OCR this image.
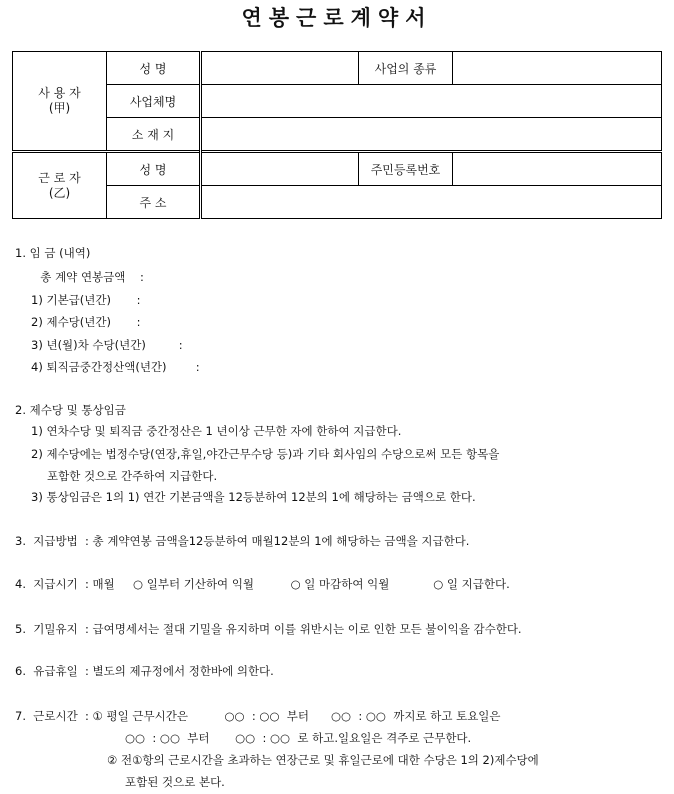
연봉근로계약서
사 용 자
(甲)	성 명		사업의 종류	
	사업체명			
	소 재 지			

근 로 자
(乙)	성 명		주민등록번호	
	주 소			
1. 임 금 (내역)
총 계약 연봉금액    :
1) 기본급(년간)       :
2) 제수당(년간)       :
3) 년(월)차 수당(년간)         :
4) 퇴직금중간정산액(년간)        :
2. 제수당 및 통상임금
1) 연차수당 및 퇴직금 중간정산은 1 년이상 근무한 자에 한하여 지급한다.
2) 제수당에는 법정수당(연장,휴일,야간근무수당 등)과 기타 회사임의 수당으로써 모든 항목을
포함한 것으로 간주하여 지급한다.
3) 통상임금은 1의 1) 연간 기본금액을 12등분하여 12분의 1에 해당하는 금액으로 한다.
3.  지급방법  : 총 계약연봉 금액을12등분하여 매월12분의 1에 해당하는 금액을 지급한다.
4.  지급시기  : 매월     ○ 일부터 기산하여 익월          ○ 일 마감하여 익월            ○ 일 지급한다.
5.  기밀유지  : 급여명세서는 절대 기밀을 유지하며 이를 위반시는 이로 인한 모든 불이익을 감수한다.
6.  유급휴일  : 별도의 제규정에서 정한바에 의한다.
7.  근로시간  : ① 평일 근무시간은          ○○  : ○○  부터      ○○  : ○○  까지로 하고 토요일은
○○  : ○○  부터       ○○  : ○○  로 하고.일요일은 격주로 근무한다.
② 전①항의 근로시간을 초과하는 연장근로 및 휴일근로에 대한 수당은 1의 2)제수당에
포함된 것으로 본다.
